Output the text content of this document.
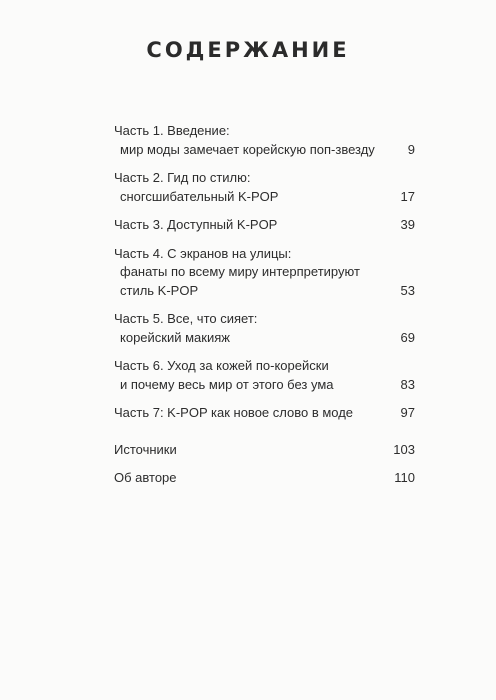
СОДЕРЖАНИЕ
Часть 1. Введение:
мир моды замечает корейскую поп-звезду	9
Часть 2. Гид по стилю:
сногсшибательный K-POP	17
Часть 3. Доступный K-POP	39
Часть 4. С экранов на улицы:
фанаты по всему миру интерпретируют
стиль K-POP	53
Часть 5. Все, что сияет:
корейский макияж	69
Часть 6. Уход за кожей по-корейски
и почему весь мир от этого без ума	83
Часть 7: K-POP как новое слово в моде	97
Источники	103
Об авторе	110
